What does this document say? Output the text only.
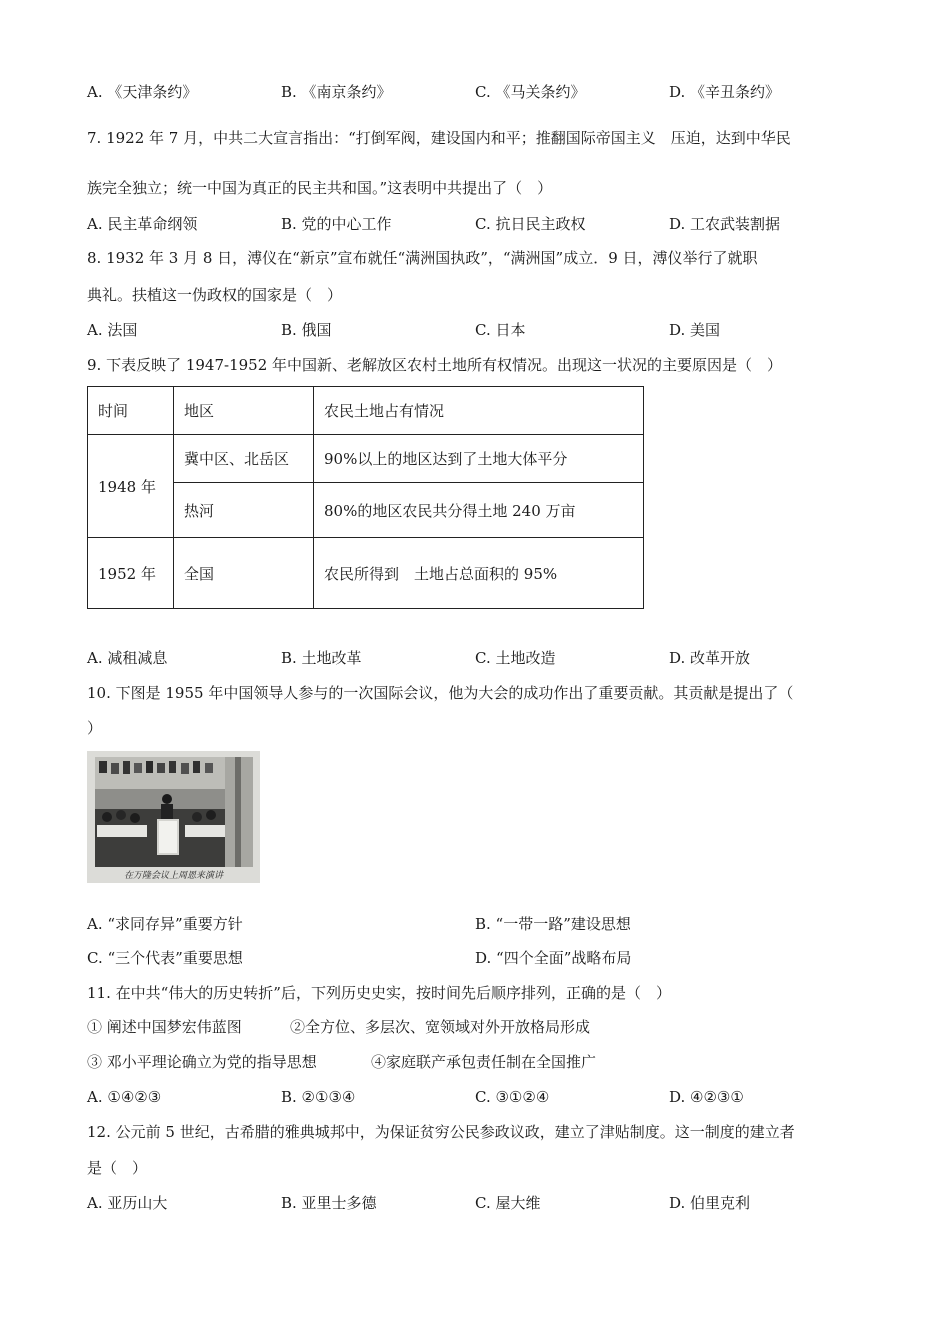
A. 《天津条约》	B. 《南京条约》	C. 《马关条约》	D. 《辛丑条约》
7. 1922 年 7 月，中共二大宣言指出：“打倒军阀，建设国内和平；推翻国际帝国主义　压迫，达到中华民
族完全独立；统一中国为真正的民主共和国。”这表明中共提出了（　）
A. 民主革命纲领	B. 党的中心工作	C. 抗日民主政权	D. 工农武装割据
8. 1932 年 3 月 8 日，溥仪在“新京”宣布就任“满洲国执政”，“满洲国”成立．9 日，溥仪举行了就职
典礼。扶植这一伪政权的国家是（　）
A. 法国	B. 俄国	C. 日本	D. 美国
9. 下表反映了 1947-1952 年中国新、老解放区农村土地所有权情况。出现这一状况的主要原因是（　）
时间	地区	农民土地占有情况
1948 年	冀中区、北岳区	90%以上的地区达到了土地大体平分
	热河	80%的地区农民共分得土地 240 万亩
1952 年	全国	农民所得到　土地占总面积的 95%
A. 减租减息	B. 土地改革	C. 土地改造	D. 改革开放
10. 下图是 1955 年中国领导人参与的一次国际会议，他为大会的成功作出了重要贡献。其贡献是提出了（
）
在万隆会议上周恩来演讲
A. “求同存异”重要方针	B. “一带一路”建设思想
C. “三个代表”重要思想	D. “四个全面”战略布局
11. 在中共“伟大的历史转折”后，下列历史史实，按时间先后顺序排列，正确的是（　）
① 阐述中国梦宏伟蓝图	②全方位、多层次、宽领域对外开放格局形成
③ 邓小平理论确立为党的指导思想	④家庭联产承包责任制在全国推广
A. ①④②③	B. ②①③④	C. ③①②④	D. ④②③①
12. 公元前 5 世纪，古希腊的雅典城邦中，为保证贫穷公民参政议政，建立了津贴制度。这一制度的建立者
是（　）
A. 亚历山大	B. 亚里士多德	C. 屋大维	D. 伯里克利
